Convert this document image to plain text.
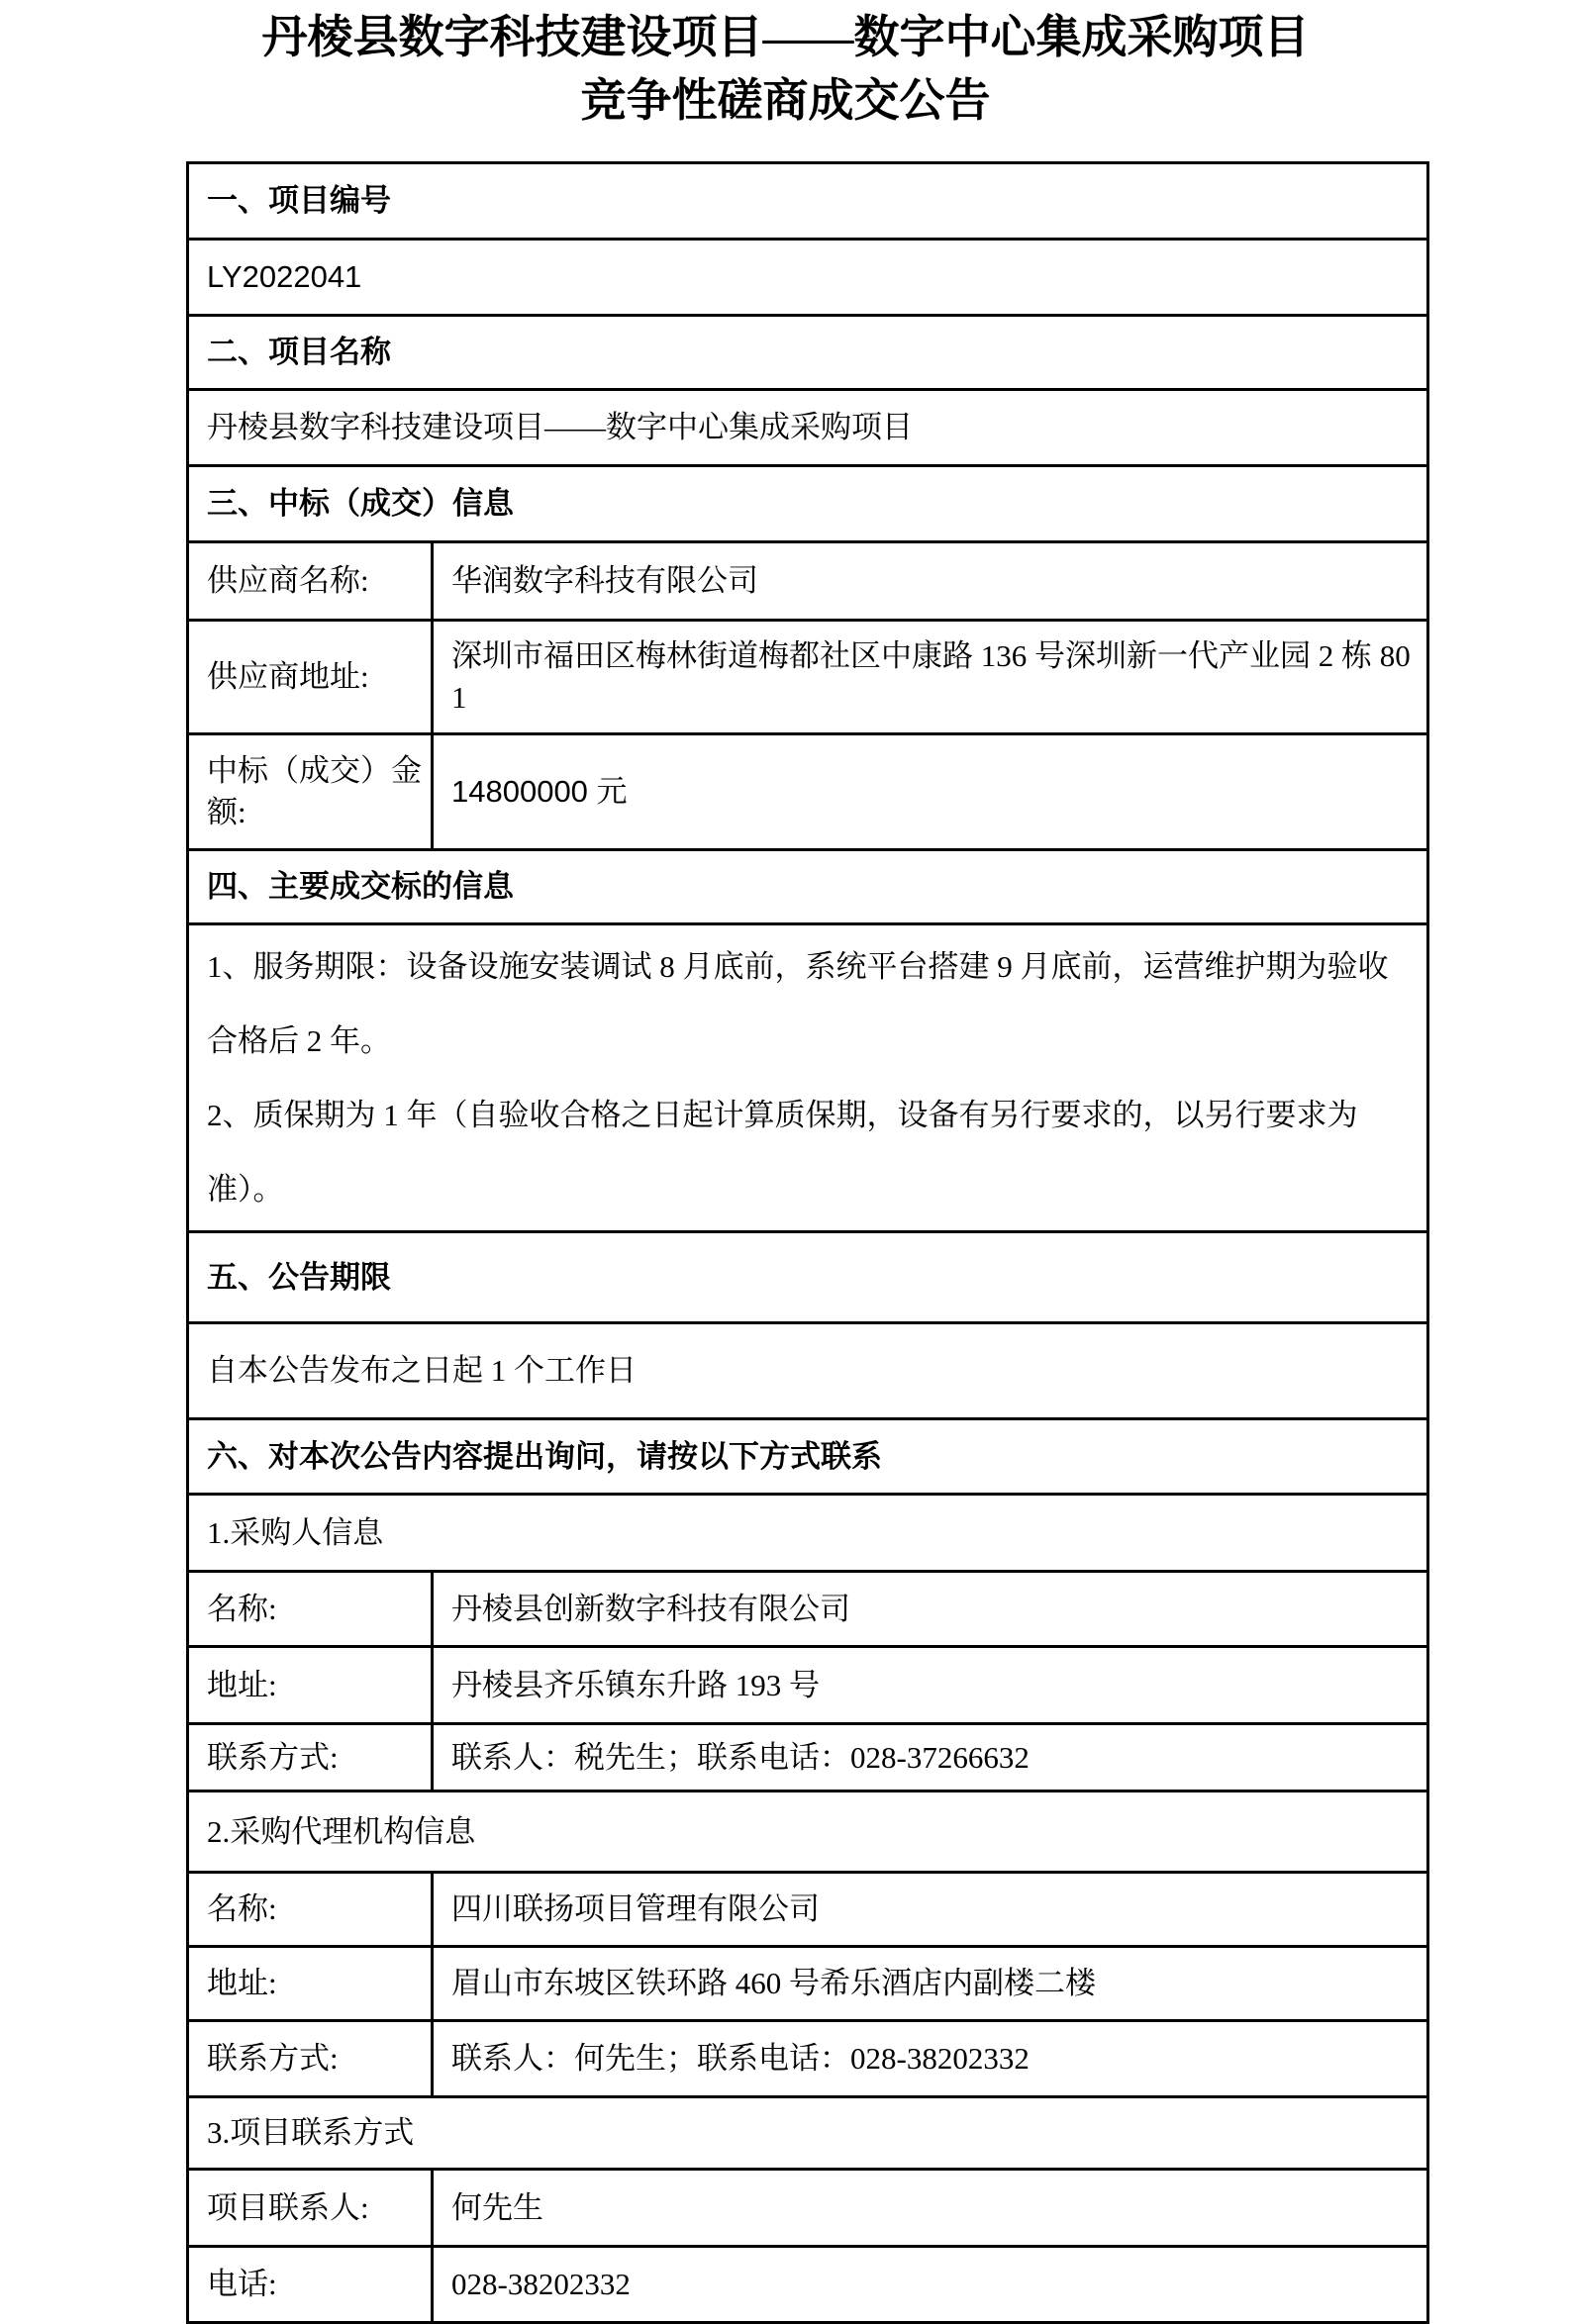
丹棱县数字科技建设项目——数字中心集成采购项目
竞争性磋商成交公告
一、项目编号	
LY2022041	
二、项目名称	
丹棱县数字科技建设项目——数字中心集成采购项目	
三、中标（成交）信息	
供应商名称:	华润数字科技有限公司
供应商地址:	深圳市福田区梅林街道梅都社区中康路 136 号深圳新一代产业园 2 栋 801
中标（成交）金额:	14800000 元
四、主要成交标的信息	

1、服务期限：设备设施安装调试 8 月底前，系统平台搭建 9 月底前，运营维护期为验收合格后 2 年。

2、质保期为 1 年（自验收合格之日起计算质保期，设备有另行要求的，以另行要求为准）。	

五、公告期限	
自本公告发布之日起 1 个工作日	
六、对本次公告内容提出询问，请按以下方式联系	
1.采购人信息	
名称:	丹棱县创新数字科技有限公司
地址:	丹棱县齐乐镇东升路 193 号
联系方式:	联系人：税先生；联系电话：028-37266632
2.采购代理机构信息	
名称:	四川联扬项目管理有限公司
地址:	眉山市东坡区铁环路 460 号希乐酒店内副楼二楼
联系方式:	联系人：何先生；联系电话：028-38202332
3.项目联系方式	
项目联系人:	何先生
电话:	028-38202332
